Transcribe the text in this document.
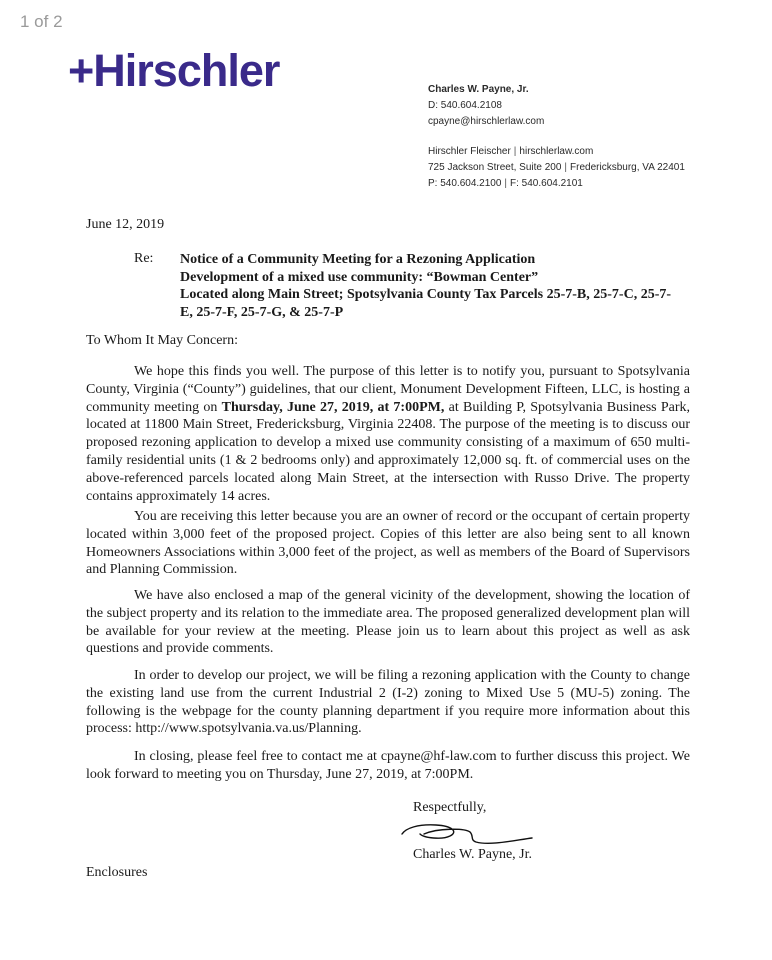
1 of 2
+Hirschler	Charles W. Payne, Jr.
D: 540.604.2108
cpayne@hirschlerlaw.com
Hirschler Fleischer | hirschlerlaw.com
725 Jackson Street, Suite 200 | Fredericksburg, VA 22401
P: 540.604.2100 | F: 540.604.2101
June 12, 2019
Re: Notice of a Community Meeting for a Rezoning Application
Development of a mixed use community: “Bowman Center”
Located along Main Street; Spotsylvania County Tax Parcels 25-7-B, 25-7-C, 25-7-
E, 25-7-F, 25-7-G, & 25-7-P
To Whom It May Concern:

We hope this finds you well. The purpose of this letter is to notify you, pursuant to Spotsylvania County, Virginia (“County”) guidelines, that our client, Monument Development Fifteen, LLC, is hosting a community meeting on Thursday, June 27, 2019, at 7:00PM, at Building P, Spotsylvania Business Park, located at 11800 Main Street, Fredericksburg, Virginia 22408. The purpose of the meeting is to discuss our proposed rezoning application to develop a mixed use community consisting of a maximum of 650 multi-family residential units (1 & 2 bedrooms only) and approximately 12,000 sq. ft. of commercial uses on the above-referenced parcels located along Main Street, at the intersection with Russo Drive. The property contains approximately 14 acres.

You are receiving this letter because you are an owner of record or the occupant of certain property located within 3,000 feet of the proposed project. Copies of this letter are also being sent to all known Homeowners Associations within 3,000 feet of the project, as well as members of the Board of Supervisors and Planning Commission.

We have also enclosed a map of the general vicinity of the development, showing the location of the subject property and its relation to the immediate area. The proposed generalized development plan will be available for your review at the meeting. Please join us to learn about this project as well as ask questions and provide comments.

In order to develop our project, we will be filing a rezoning application with the County to change the existing land use from the current Industrial 2 (I-2) zoning to Mixed Use 5 (MU-5) zoning. The following is the webpage for the county planning department if you require more information about this process: http://www.spotsylvania.va.us/Planning.

In closing, please feel free to contact me at cpayne@hf-law.com to further discuss this project. We look forward to meeting you on Thursday, June 27, 2019, at 7:00PM.

Respectfully,
Charles W. Payne, Jr.
Enclosures
